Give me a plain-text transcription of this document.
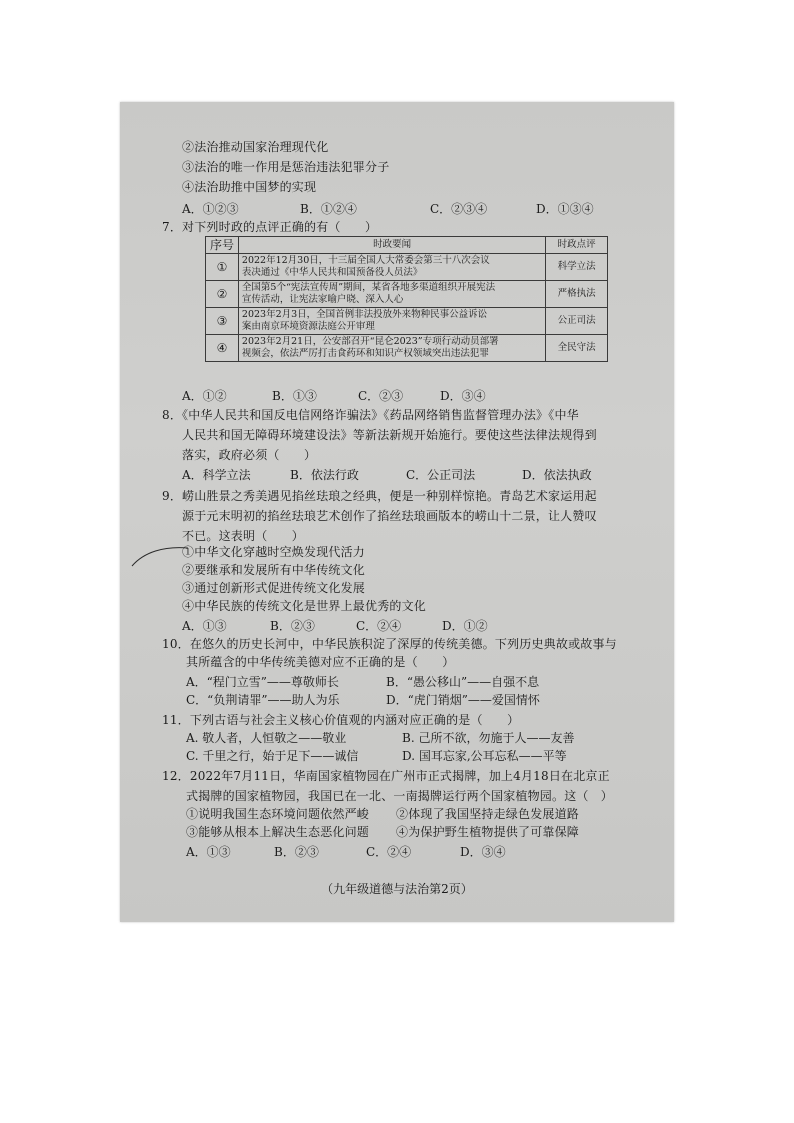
②法治推动国家治理现代化
③法治的唯一作用是惩治违法犯罪分子
④法治助推中国梦的实现
A．①②③	B．①②④	C．②③④	D．①③④
7．对下列时政的点评正确的有（　　）
序号	时政要闻	时政点评
①	2022年12月30日，十三届全国人大常委会第三十八次会议
表决通过《中华人民共和国预备役人员法》	科学立法
②	全国第5个“宪法宣传周”期间，某省各地多渠道组织开展宪法
宣传活动，让宪法家喻户晓、深入人心	严格执法
③	2023年2月3日，全国首例非法投放外来物种民事公益诉讼
案由南京环境资源法庭公开审理	公正司法
④	2023年2月21日，公安部召开“昆仑2023”专项行动动员部署
视频会，依法严厉打击食药环和知识产权领域突出违法犯罪	全民守法
A．①②	B．①③	C．②③	D．③④
8．《中华人民共和国反电信网络诈骗法》《药品网络销售监督管理办法》《中华
人民共和国无障碍环境建设法》等新法新规开始施行。要使这些法律法规得到
落实，政府必须（　　）
A．科学立法	B．依法行政	C．公正司法	D．依法执政
9．崂山胜景之秀美遇见掐丝珐琅之经典，便是一种别样惊艳。青岛艺术家运用起
源于元末明初的掐丝珐琅艺术创作了掐丝珐琅画版本的崂山十二景，让人赞叹
不已。这表明（　　）
①中华文化穿越时空焕发现代活力
②要继承和发展所有中华传统文化
③通过创新形式促进传统文化发展
④中华民族的传统文化是世界上最优秀的文化
A．①③	B．②③	C．②④	D．①②
10．在悠久的历史长河中，中华民族积淀了深厚的传统美德。下列历史典故或故事与
其所蕴含的中华传统美德对应不正确的是（　　）
A．“程门立雪”——尊敬师长	B．“愚公移山”——自强不息
C．“负荆请罪”——助人为乐	D．“虎门销烟”——爱国情怀
11．下列古语与社会主义核心价值观的内涵对应正确的是（　　）
A. 敬人者，人恒敬之——敬业	B. 己所不欲，勿施于人——友善
C. 千里之行，始于足下——诚信	D. 国耳忘家,公耳忘私——平等
12．2022年7月11日，华南国家植物园在广州市正式揭牌，加上4月18日在北京正
式揭牌的国家植物园，我国已在一北、一南揭牌运行两个国家植物园。这（　）
①说明我国生态环境问题依然严峻 ②体现了我国坚持走绿色发展道路
③能够从根本上解决生态恶化问题 ④为保护野生植物提供了可靠保障
A．①③	B．②③	C．②④	D．③④
（九年级道德与法治第2页）
